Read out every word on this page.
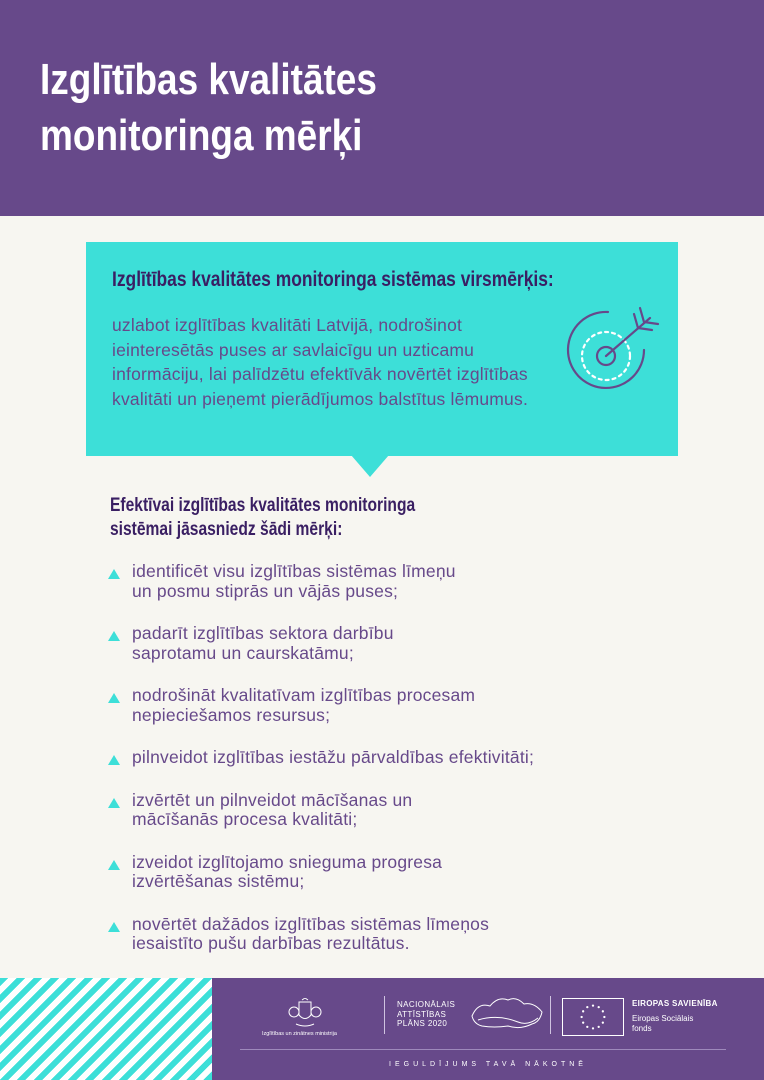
Izglītības kvalitātes
monitoringa mērķi
Izglītības kvalitātes monitoringa sistēmas virsmērķis:

uzlabot izglītības kvalitāti Latvijā, nodrošinot ieinteresētās puses ar savlaicīgu un uzticamu informāciju, lai palīdzētu efektīvāk novērtēt izglītības kvalitāti un pieņemt pierādījumos balstītus lēmumus.

Efektīvai izglītības kvalitātes monitoringa
sistēmai jāsasniedz šādi mērķi:
identificēt visu izglītības sistēmas līmeņu
un posmu stiprās un vājās puses;
padarīt izglītības sektora darbību
saprotamu un caurskatāmu;
nodrošināt kvalitatīvam izglītības procesam
nepieciešamos resursus;
pilnveidot izglītības iestāžu pārvaldības efektivitāti;
izvērtēt un pilnveidot mācīšanas un
mācīšanās procesa kvalitāti;
izveidot izglītojamo snieguma progresa
izvērtēšanas sistēmu;
novērtēt dažādos izglītības sistēmas līmeņos
iesaistīto pušu darbības rezultātus.
Izglītības un zinātnes ministrija
NACIONĀLAIS
ATTĪSTĪBAS
PLĀNS 2020
EIROPAS SAVIENĪBA
Eiropas Sociālais
fonds
IEGULDĪJUMS TAVĀ NĀKOTNĒ
